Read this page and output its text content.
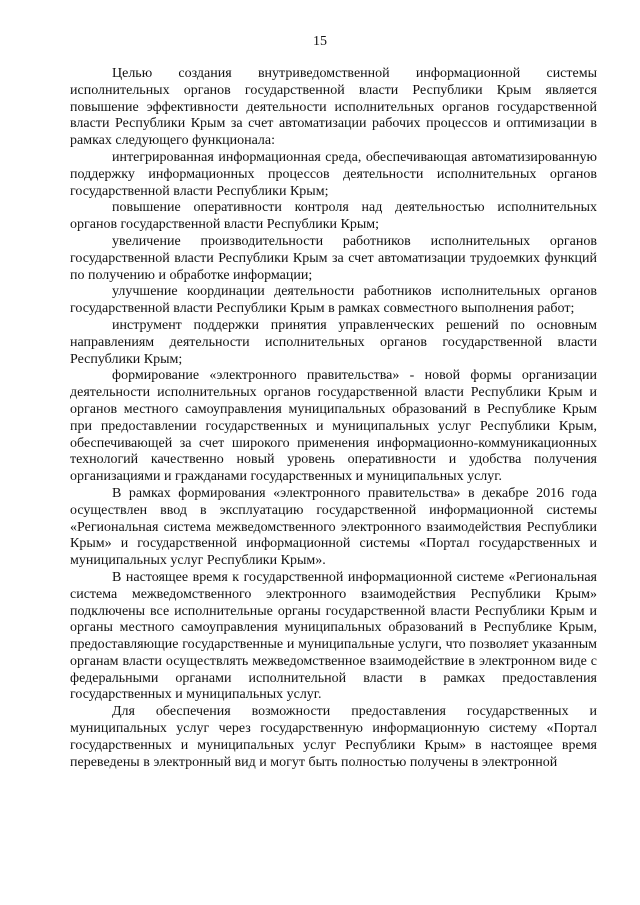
15

Целью создания внутриведомственной информационной системы исполнительных органов государственной власти Республики Крым является повышение эффективности деятельности исполнительных органов государственной власти Республики Крым за счет автоматизации рабочих процессов и оптимизации в рамках следующего функционала:

интегрированная информационная среда, обеспечивающая автоматизированную поддержку информационных процессов деятельности исполнительных органов государственной власти Республики Крым;

повышение оперативности контроля над деятельностью исполнительных органов государственной власти Республики Крым;

увеличение производительности работников исполнительных органов государственной власти Республики Крым за счет автоматизации трудоемких функций по получению и обработке информации;

улучшение координации деятельности работников исполнительных органов государственной власти Республики Крым в рамках совместного выполнения работ;

инструмент поддержки принятия управленческих решений по основным направлениям деятельности исполнительных органов государственной власти Республики Крым;

формирование «электронного правительства» - новой формы организации деятельности исполнительных органов государственной власти Республики Крым и органов местного самоуправления муниципальных образований в Республике Крым при предоставлении государственных и муниципальных услуг Республики Крым, обеспечивающей за счет широкого применения информационно-коммуникационных технологий качественно новый уровень оперативности и удобства получения организациями и гражданами государственных и муниципальных услуг.

В рамках формирования «электронного правительства» в декабре 2016 года осуществлен ввод в эксплуатацию государственной информационной системы «Региональная система межведомственного электронного взаимодействия Республики Крым» и государственной информационной системы «Портал государственных и муниципальных услуг Республики Крым».

В настоящее время к государственной информационной системе «Региональная система межведомственного электронного взаимодействия Республики Крым» подключены все исполнительные органы государственной власти Республики Крым и органы местного самоуправления муниципальных образований в Республике Крым, предоставляющие государственные и муниципальные услуги, что позволяет указанным органам власти осуществлять межведомственное взаимодействие в электронном виде с федеральными органами исполнительной власти в рамках предоставления государственных и муниципальных услуг.

Для обеспечения возможности предоставления государственных и муниципальных услуг через государственную информационную систему «Портал государственных и муниципальных услуг Республики Крым» в настоящее время переведены в электронный вид и могут быть полностью получены в электронной
